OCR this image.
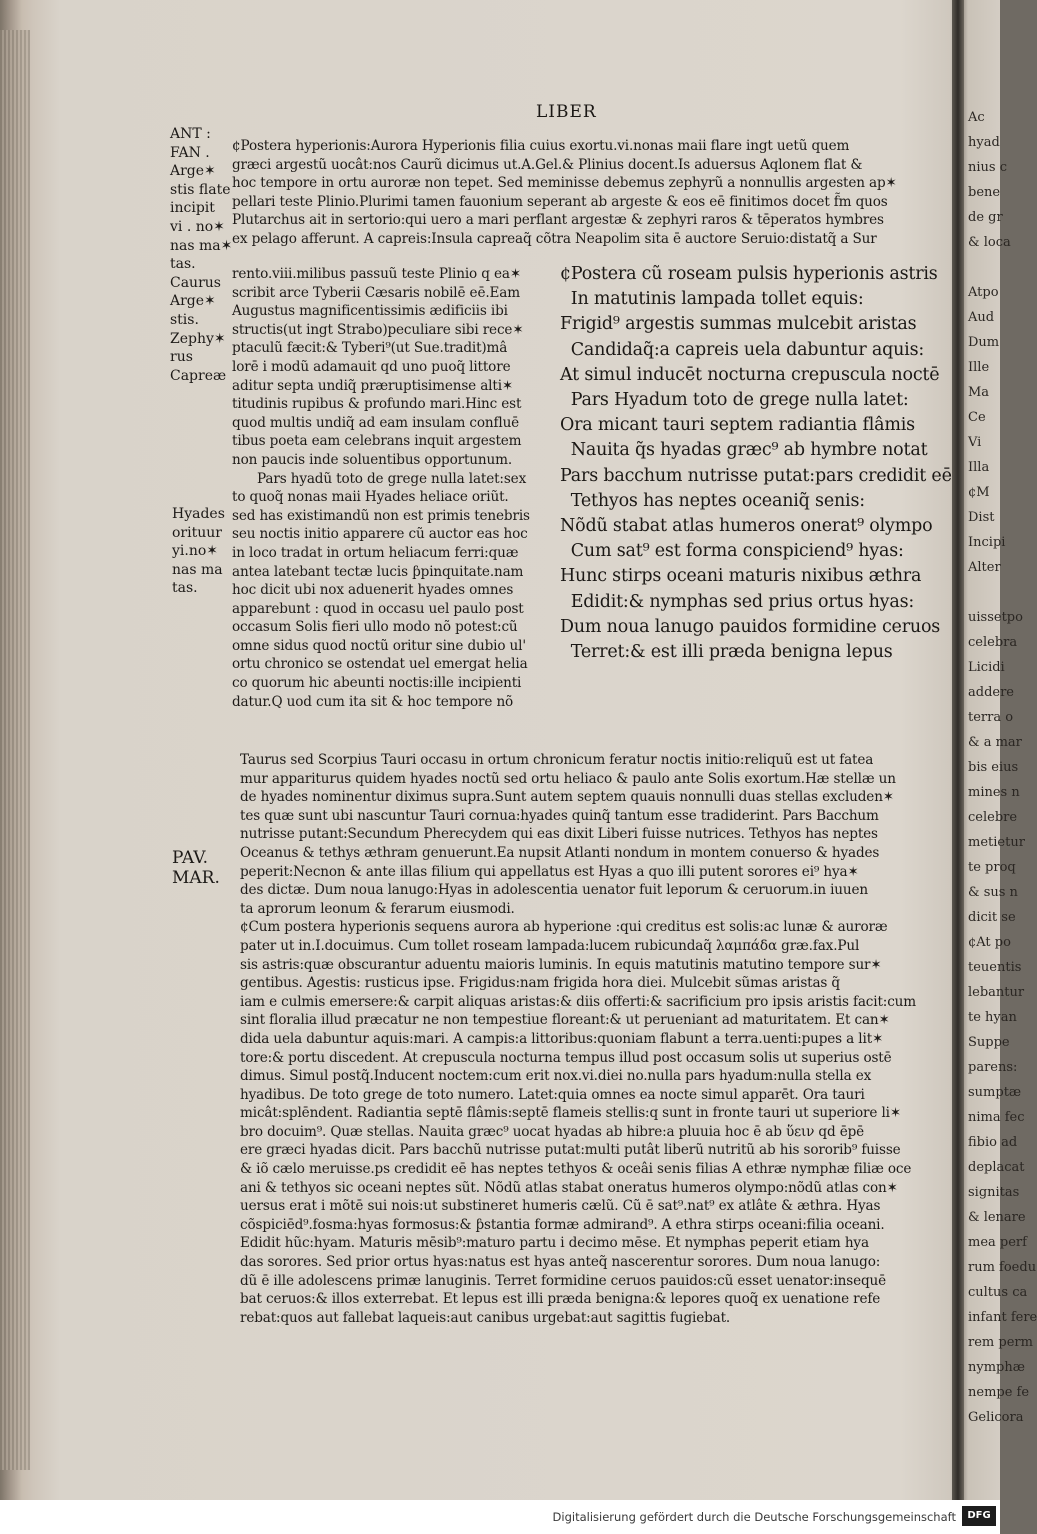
LIBER
ANT :
FAN .
Arge✶
stis flate
incipit
vi . no✶
nas ma✶
tas.
Caurus
Arge✶
stis.
Zephy✶
rus
Capreæ
Hyades
orituur
yi.no✶
nas ma
tas.
PAV.
MAR.
¢Postera hyperionis:Aurora Hyperionis filia cuius exortu.vi.nonas maii flare ingt uetũ quem
græci argestũ uocât:nos Caurũ dicimus ut.A.Gel.& Plinius docent.Is aduersus Aqlonem flat &
hoc tempore in ortu auroræ non tepet. Sed meminisse debemus zephyrũ a nonnullis argesten ap✶
pellari teste Plinio.Plurimi tamen fauonium seperant ab argeste & eos eē finitimos docet f̃m quos
Plutarchus ait in sertorio:qui uero a mari perflant argestæ & zephyri raros & tēperatos hymbres
ex pelago afferunt. A capreis:Insula capreaq̃ cõtra Neapolim sita ē auctore Seruio:distatq̃ a Sur
rento.viii.milibus passuũ teste Plinio q ea✶
scribit arce Tyberii Cæsaris nobilē eē.Eam
Augustus magnificentissimis ædificiis ibi
structis(ut ingt Strabo)peculiare sibi rece✶
ptaculũ fæcit:& Tyberi⁹(ut Sue.tradit)mâ
lorē i modũ adamauit qd uno puoq̃ littore
aditur septa undiq̃ præruptisimense alti✶
titudinis rupibus & profundo mari.Hinc est
quod multis undiq̃ ad eam insulam confluē
tibus poeta eam celebrans inquit argestem
non paucis inde soluentibus opportunum.
Pars hyadũ toto de grege nulla latet:sex
to quoq̃ nonas maii Hyades heliace oriũt.
sed has existimandũ non est primis tenebris
seu noctis initio apparere cũ auctor eas hoc
in loco tradat in ortum heliacum ferri:quæ
antea latebant tectæ lucis ƥpinquitate.nam
hoc dicit ubi nox aduenerit hyades omnes
apparebunt : quod in occasu uel paulo post
occasum Solis fieri ullo modo nõ potest:cũ
omne sidus quod noctũ oritur sine dubio ul'
ortu chronico se ostendat uel emergat helia
co quorum hic abeunti noctis:ille incipienti
datur.Q uod cum ita sit & hoc tempore nõ
¢Postera cũ roseam pulsis hyperionis astris
In matutinis lampada tollet equis:
Frigid⁹ argestis summas mulcebit aristas
Candidaq̃:a capreis uela dabuntur aquis:
At simul inducēt nocturna crepuscula noctē
Pars Hyadum toto de grege nulla latet:
Ora micant tauri septem radiantia flâmis
Nauita q̃s hyadas græc⁹ ab hymbre notat
Pars bacchum nutrisse putat:pars credidit eē
Tethyos has neptes oceaniq̃ senis:
Nõdũ stabat atlas humeros onerat⁹ olympo
Cum sat⁹ est forma conspiciend⁹ hyas:
Hunc stirps oceani maturis nixibus æthra
Edidit:& nymphas sed prius ortus hyas:
Dum noua lanugo pauidos formidine ceruos
Terret:& est illi præda benigna lepus
Taurus sed Scorpius Tauri occasu in ortum chronicum feratur noctis initio:reliquũ est ut fatea
mur appariturus quidem hyades noctũ sed ortu heliaco & paulo ante Solis exortum.Hæ stellæ un
de hyades nominentur diximus supra.Sunt autem septem quauis nonnulli duas stellas excluden✶
tes quæ sunt ubi nascuntur Tauri cornua:hyades quinq̃ tantum esse tradiderint. Pars Bacchum
nutrisse putant:Secundum Pherecydem qui eas dixit Liberi fuisse nutrices. Tethyos has neptes
Oceanus & tethys æthram genuerunt.Ea nupsit Atlanti nondum in montem conuerso & hyades
peperit:Necnon & ante illas filium qui appellatus est Hyas a quo illi putent sorores ei⁹ hya✶
des dictæ. Dum noua lanugo:Hyas in adolescentia uenator fuit leporum & ceruorum.in iuuen
ta aprorum leonum & ferarum eiusmodi.
¢Cum postera hyperionis sequens aurora ab hyperione :qui creditus est solis:ac lunæ & auroræ
pater ut in.I.docuimus. Cum tollet roseam lampada:lucem rubicundaq̃ λαμπάδα græ.fax.Pul
sis astris:quæ obscurantur aduentu maioris luminis. In equis matutinis matutino tempore sur✶
gentibus. Agestis: rusticus ipse. Frigidus:nam frigida hora diei. Mulcebit sũmas aristas q̃
iam e culmis emersere:& carpit aliquas aristas:& diis offerti:& sacrificium pro ipsis aristis facit:cum
sint floralia illud præcatur ne non tempestiue floreant:& ut perueniant ad maturitatem. Et can✶
dida uela dabuntur aquis:mari. A campis:a littoribus:quoniam flabunt a terra.uenti:pupes a lit✶
tore:& portu discedent. At crepuscula nocturna tempus illud post occasum solis ut superius ostē
dimus. Simul postq̃.Inducent noctem:cum erit nox.vi.diei no.nulla pars hyadum:nulla stella ex
hyadibus. De toto grege de toto numero. Latet:quia omnes ea nocte simul apparēt. Ora tauri
micât:splēndent. Radiantia septē flâmis:septē flameis stellis:q sunt in fronte tauri ut superiore li✶
bro docuim⁹. Quæ stellas. Nauita græc⁹ uocat hyadas ab hibre:a pluuia hoc ē ab ὕειν qd ēpē
ere græci hyadas dicit. Pars bacchũ nutrisse putat:multi putât liberũ nutritũ ab his sororib⁹ fuisse
& iõ cælo meruisse.ps credidit eē has neptes tethyos & oceâi senis filias A ethræ nymphæ filiæ oce
ani & tethyos sic oceani neptes sũt. Nõdũ atlas stabat oneratus humeros olympo:nõdũ atlas con✶
uersus erat i mõtē sui nois:ut substineret humeris cælũ. Cũ ē sat⁹.nat⁹ ex atlâte & æthra. Hyas
cõspiciēd⁹.fosma:hyas formosus:& ƥstantia formæ admirand⁹. A ethra stirps oceani:filia oceani.
Edidit hũc:hyam. Maturis mēsib⁹:maturo partu i decimo mēse. Et nymphas peperit etiam hya
das sorores. Sed prior ortus hyas:natus est hyas anteq̃ nascerentur sorores. Dum noua lanugo:
dũ ē ille adolescens primæ lanuginis. Terret formidine ceruos pauidos:cũ esset uenator:insequē
bat ceruos:& illos exterrebat. Et lepus est illi præda benigna:& lepores quoq̃ ex uenatione refe
rebat:quos aut fallebat laqueis:aut canibus urgebat:aut sagittis fugiebat.
Ac
hyad
nius c
bene
de gr
& loca

Atpo
Aud
Dum
Ille
Ma
Ce
Vi
Illa
¢M
Dist
Incipi
Alter

uissetpo
celebra
Licidi
addere
terra o
& a mar
bis eius
mines n
celebre
metietur
te proq
& sus n
dicit se
¢At po
teuentis
lebantur
te hyan
Suppe
parens:
sumptæ
nima fec
fibio ad
deplacat
signitas
& lenare
mea perf
rum foedu
cultus ca
infant fere
rem perm
nymphæ
nempe fe
Gelicora
Digitalisierung gefördert durch die Deutsche Forschungsgemeinschaft	DFG
